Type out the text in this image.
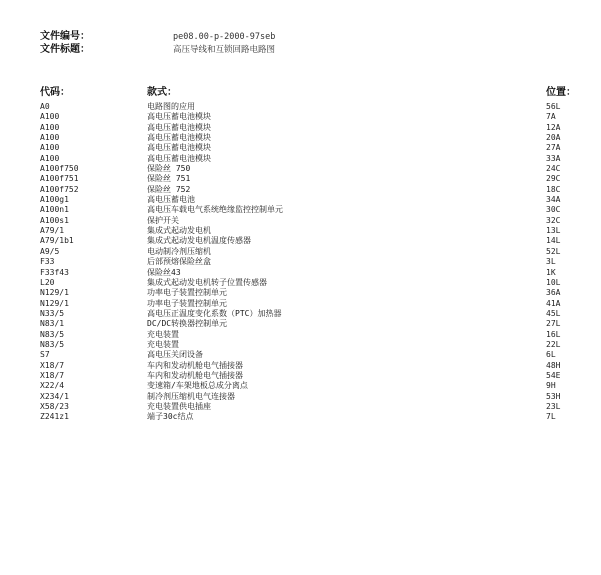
文件编号：	pe08.00-p-2000-97seb
文件标题：	高压导线和互锁回路电路图
代码：	款式：	位置：
A0	电路图的应用	56L
A100	高电压蓄电池模块	7A
A100	高电压蓄电池模块	12A
A100	高电压蓄电池模块	20A
A100	高电压蓄电池模块	27A
A100	高电压蓄电池模块	33A
A100f750	保险丝 750	24C
A100f751	保险丝 751	29C
A100f752	保险丝 752	18C
A100g1	高电压蓄电池	34A
A100n1	高电压车载电气系统绝缘监控控制单元	30C
A100s1	保护开关	32C
A79/1	集成式起动发电机	13L
A79/1b1	集成式起动发电机温度传感器	14L
A9/5	电动制冷剂压缩机	52L
F33	后部预熔保险丝盒	3L
F33f43	保险丝43	1K
L20	集成式起动发电机转子位置传感器	10L
N129/1	功率电子装置控制单元	36A
N129/1	功率电子装置控制单元	41A
N33/5	高电压正温度变化系数（PTC）加热器	45L
N83/1	DC/DC转换器控制单元	27L
N83/5	充电装置	16L
N83/5	充电装置	22L
S7	高电压关闭设备	6L
X18/7	车内和发动机舱电气插接器	48H
X18/7	车内和发动机舱电气插接器	54E
X22/4	变速箱/车架地板总成分离点	9H
X234/1	制冷剂压缩机电气连接器	53H
X58/23	充电装置供电插座	23L
Z241z1	端子30c结点	7L
